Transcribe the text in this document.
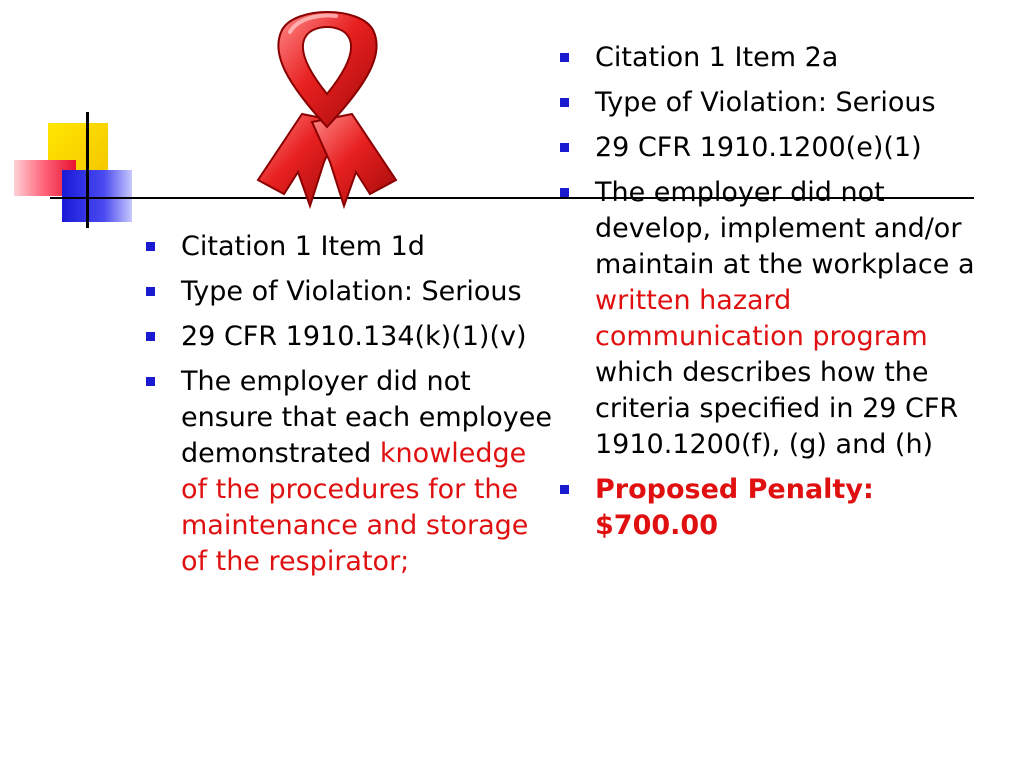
Citation 1 Item 1d
Type of Violation: Serious
29 CFR 1910.134(k)(1)(v)
The employer did not ensure that each employee demonstrated knowledge of the procedures for the maintenance and storage of the respirator;
Citation 1 Item 2a
Type of Violation: Serious
29 CFR 1910.1200(e)(1)
The employer did not develop, implement and/or maintain at the workplace a written hazard communication program which describes how the criteria specified in 29 CFR 1910.1200(f), (g) and (h)
Proposed Penalty: $700.00
